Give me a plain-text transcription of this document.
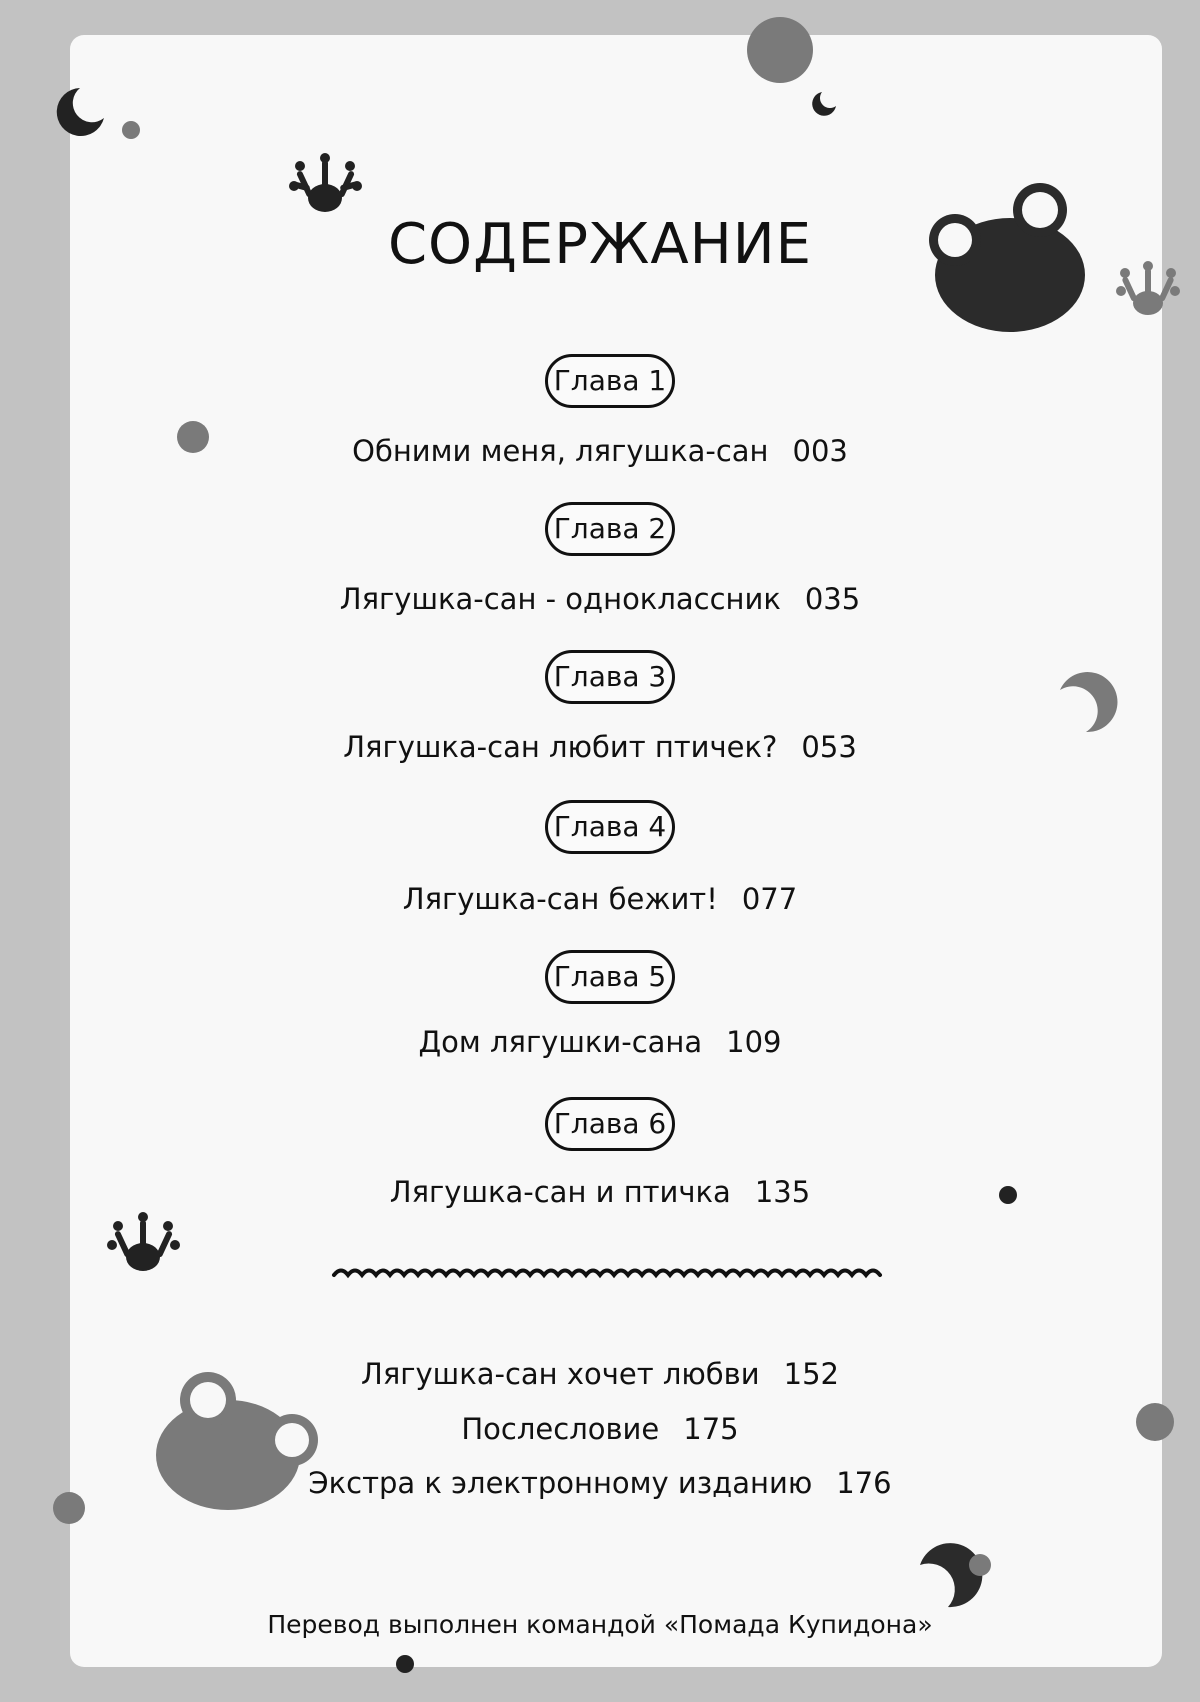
СОДЕРЖАНИЕ
Глава 1
Обними меня, лягушка-сан 003
Глава 2
Лягушка-сан - одноклассник 035
Глава 3
Лягушка-сан любит птичек? 053
Глава 4
Лягушка-сан бежит! 077
Глава 5
Дом лягушки-сана 109
Глава 6
Лягушка-сан и птичка 135
Лягушка-сан хочет любви 152
Послесловие 175
Экстра к электронному изданию 176
Перевод выполнен командой «Помада Купидона»
